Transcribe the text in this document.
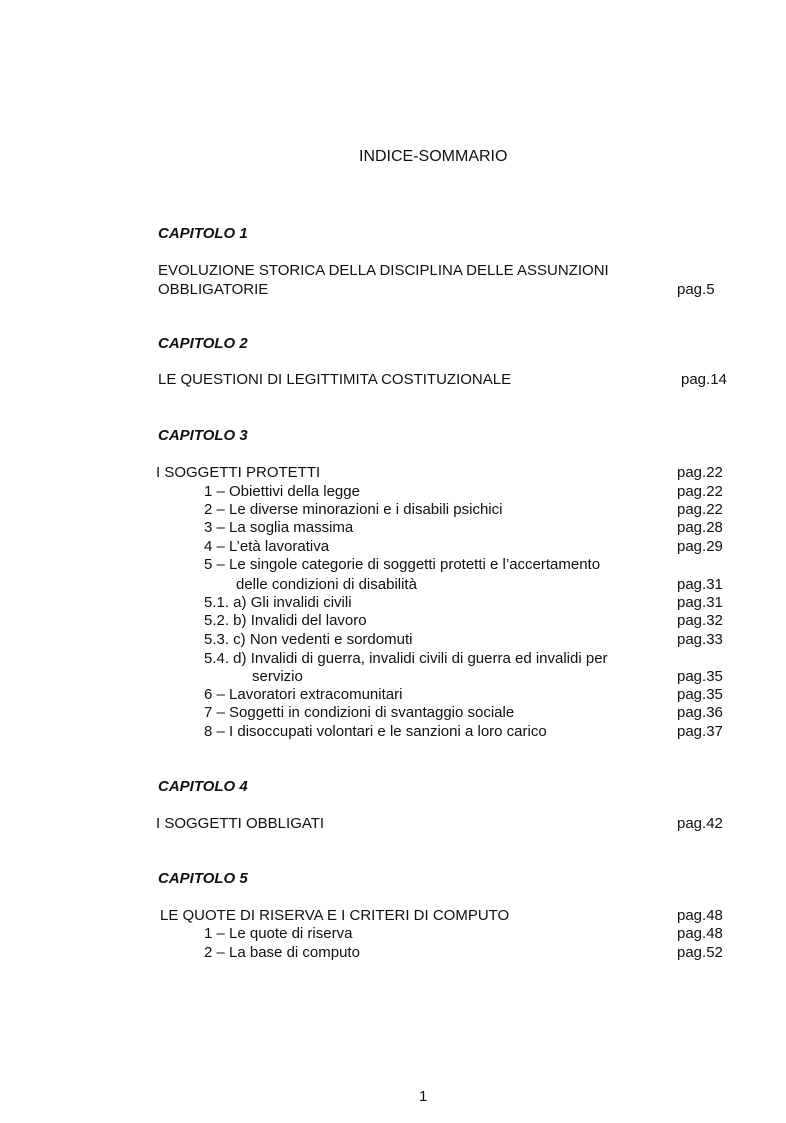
INDICE-SOMMARIO
CAPITOLO 1
EVOLUZIONE STORICA DELLA DISCIPLINA DELLE ASSUNZIONI
OBBLIGATORIE	pag.5
CAPITOLO 2
LE QUESTIONI DI LEGITTIMITA COSTITUZIONALE	pag.14
CAPITOLO 3
I SOGGETTI PROTETTI	pag.22
1 – Obiettivi della legge	pag.22
2 – Le diverse minorazioni e i disabili psichici	pag.22
3 – La soglia massima	pag.28
4 – L’età lavorativa	pag.29
5 – Le singole categorie di soggetti protetti e l’accertamento
delle condizioni di disabilità	pag.31
5.1. a) Gli invalidi civili	pag.31
5.2. b) Invalidi del lavoro	pag.32
5.3. c) Non vedenti e sordomuti	pag.33
5.4. d) Invalidi di guerra, invalidi civili di guerra ed invalidi per
servizio	pag.35
6 – Lavoratori extracomunitari	pag.35
7 – Soggetti in condizioni di svantaggio sociale	pag.36
8 – I disoccupati volontari e le sanzioni a loro carico	pag.37
CAPITOLO 4
I SOGGETTI OBBLIGATI	pag.42
CAPITOLO 5
LE QUOTE DI RISERVA E I CRITERI DI COMPUTO	pag.48
1 – Le quote di riserva	pag.48
2 – La base di computo	pag.52
1
